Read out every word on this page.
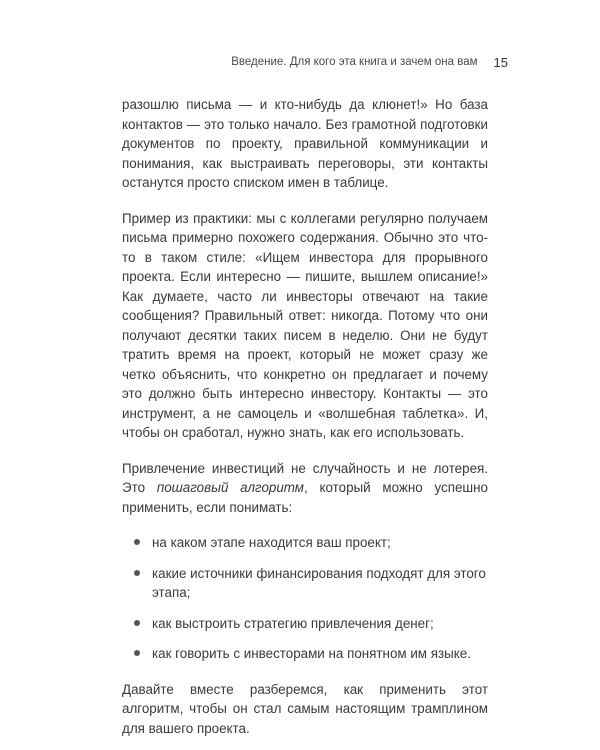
Введение. Для кого эта книга и зачем она вам 15

разошлю письма — и кто-нибудь да клюнет!» Но база контактов — это только начало. Без грамотной подготовки документов по проекту, правильной коммуникации и понимания, как выстраивать переговоры, эти контакты останутся просто списком имен в таблице.

Пример из практики: мы с коллегами регулярно получаем письма примерно похожего содержания. Обычно это что-то в таком стиле: «Ищем инвестора для прорывного проекта. Если интересно — пишите, вышлем описание!» Как думаете, часто ли инвесторы отвечают на такие сообщения? Правильный ответ: никогда. Потому что они получают десятки таких писем в неделю. Они не будут тратить время на проект, который не может сразу же четко объяснить, что конкретно он предлагает и почему это должно быть интересно инвестору. Контакты — это инструмент, а не самоцель и «волшебная таблетка». И, чтобы он сработал, нужно знать, как его использовать.

Привлечение инвестиций не случайность и не лотерея. Это пошаговый алгоритм, который можно успешно применить, если понимать:

на каком этапе находится ваш проект;
какие источники финансирования подходят для этого этапа;
как выстроить стратегию привлечения денег;
как говорить с инвесторами на понятном им языке.

Давайте вместе разберемся, как применить этот алгоритм, чтобы он стал самым настоящим трамплином для вашего проекта.
